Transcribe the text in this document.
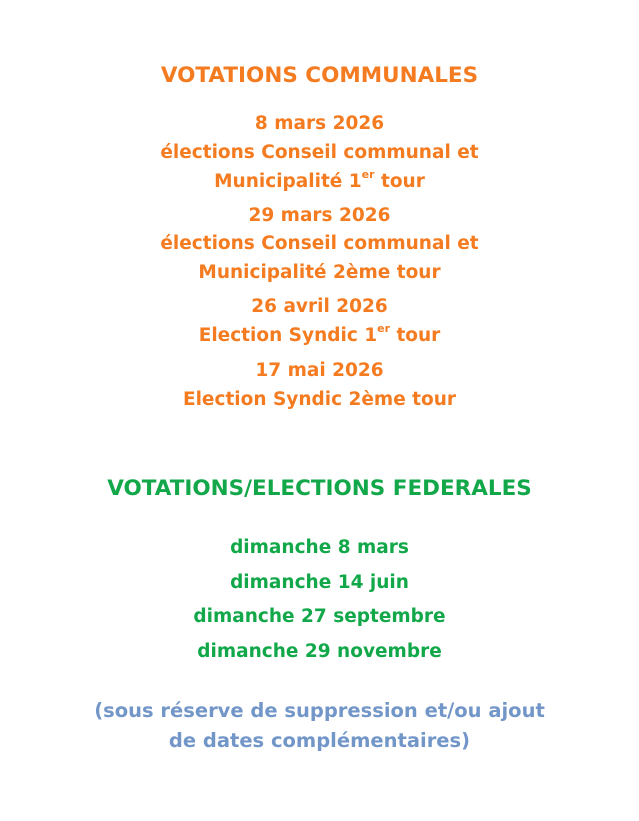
VOTATIONS COMMUNALES
8 mars 2026
élections Conseil communal et
Municipalité 1er tour
29 mars 2026
élections Conseil communal et
Municipalité 2ème tour
26 avril 2026
Election Syndic 1er tour
17 mai 2026
Election Syndic 2ème tour
VOTATIONS/ELECTIONS FEDERALES
dimanche 8 mars
dimanche 14 juin
dimanche 27 septembre
dimanche 29 novembre
(sous réserve de suppression et/ou ajout
de dates complémentaires)
